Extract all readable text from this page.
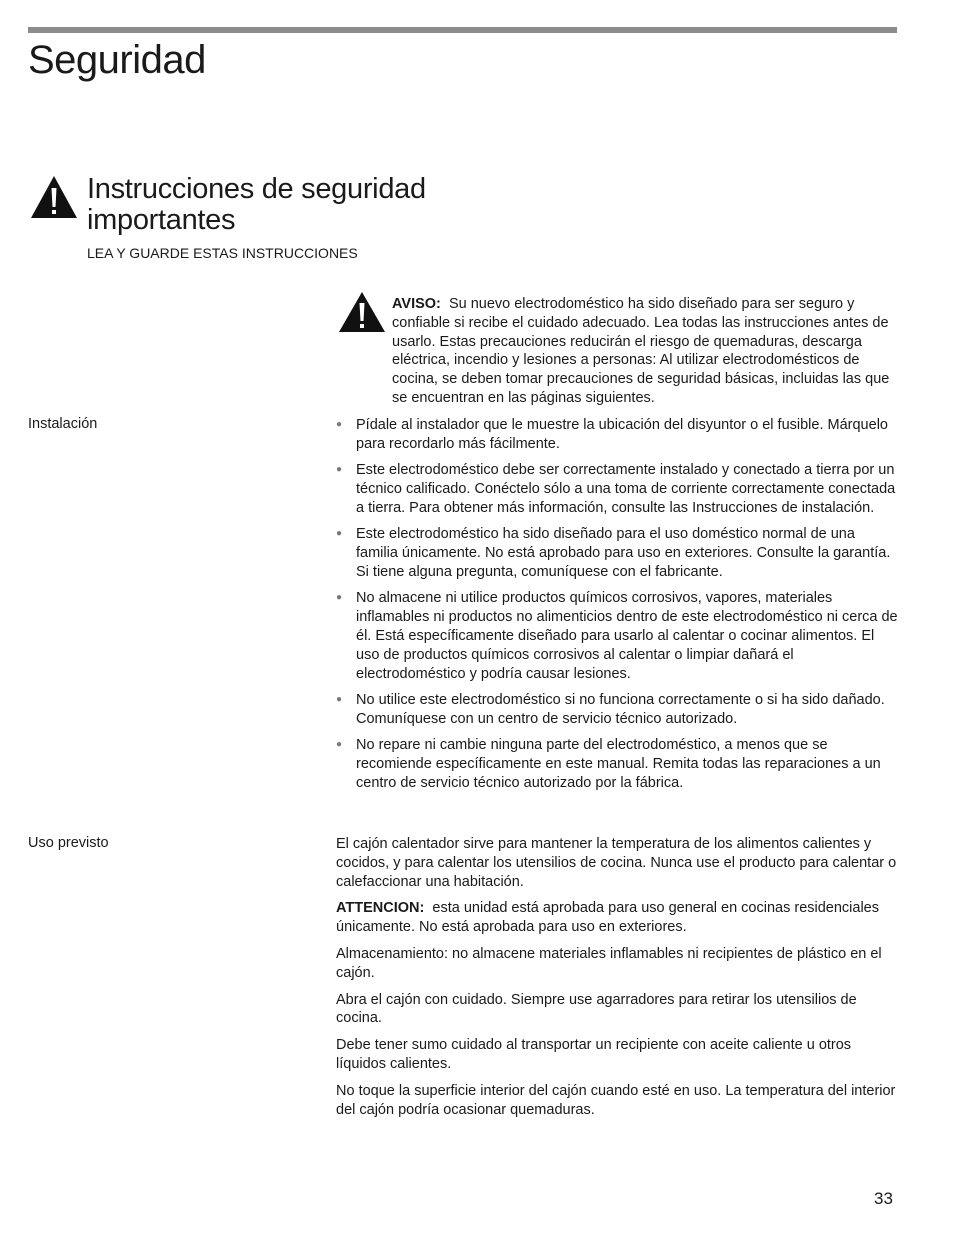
Seguridad
Instrucciones de seguridad importantes
LEA Y GUARDE ESTAS INSTRUCCIONES
AVISO: Su nuevo electrodoméstico ha sido diseñado para ser seguro y confiable si recibe el cuidado adecuado. Lea todas las instrucciones antes de usarlo. Estas precauciones reducirán el riesgo de quemaduras, descarga eléctrica, incendio y lesiones a personas: Al utilizar electrodomésticos de cocina, se deben tomar precauciones de seguridad básicas, incluidas las que se encuentran en las páginas siguientes.
Instalación	● Pídale al instalador que le muestre la ubicación del disyuntor o el fusible. Márquelo para recordarlo más fácilmente.
● Este electrodoméstico debe ser correctamente instalado y conectado a tierra por un técnico calificado. Conéctelo sólo a una toma de corriente correctamente conectada a tierra. Para obtener más información, consulte las Instrucciones de instalación.
● Este electrodoméstico ha sido diseñado para el uso doméstico normal de una familia únicamente. No está aprobado para uso en exteriores. Consulte la garantía. Si tiene alguna pregunta, comuníquese con el fabricante.
● No almacene ni utilice productos químicos corrosivos, vapores, materiales inflamables ni productos no alimenticios dentro de este electrodoméstico ni cerca de él. Está específicamente diseñado para usarlo al calentar o cocinar alimentos. El uso de productos químicos corrosivos al calentar o limpiar dañará el electrodoméstico y podría causar lesiones.
● No utilice este electrodoméstico si no funciona correctamente o si ha sido dañado. Comuníquese con un centro de servicio técnico autorizado.
● No repare ni cambie ninguna parte del electrodoméstico, a menos que se recomiende específicamente en este manual. Remita todas las reparaciones a un centro de servicio técnico autorizado por la fábrica.
Uso previsto	El cajón calentador sirve para mantener la temperatura de los alimentos calientes y cocidos, y para calentar los utensilios de cocina. Nunca use el producto para calentar o calefaccionar una habitación.

ATTENCION: esta unidad está aprobada para uso general en cocinas residenciales únicamente. No está aprobada para uso en exteriores.

Almacenamiento: no almacene materiales inflamables ni recipientes de plástico en el cajón.

Abra el cajón con cuidado. Siempre use agarradores para retirar los utensilios de cocina.

Debe tener sumo cuidado al transportar un recipiente con aceite caliente u otros líquidos calientes.

No toque la superficie interior del cajón cuando esté en uso. La temperatura del interior del cajón podría ocasionar quemaduras.

33
